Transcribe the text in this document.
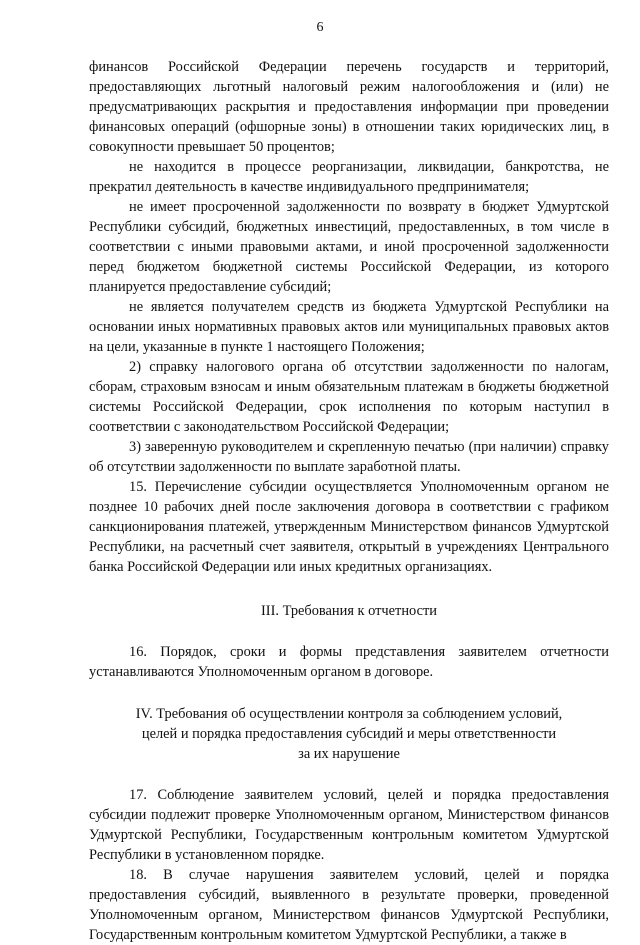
6

финансов Российской Федерации перечень государств и территорий, предоставляющих льготный налоговый режим налогообложения и (или) не предусматривающих раскрытия и предоставления информации при проведении финансовых операций (офшорные зоны) в отношении таких юридических лиц, в совокупности превышает 50 процентов;

не находится в процессе реорганизации, ликвидации, банкротства, не прекратил деятельность в качестве индивидуального предпринимателя;

не имеет просроченной задолженности по возврату в бюджет Удмуртской Республики субсидий, бюджетных инвестиций, предоставленных, в том числе в соответствии с иными правовыми актами, и иной просроченной задолженности перед бюджетом бюджетной системы Российской Федерации, из которого планируется предоставление субсидий;

не является получателем средств из бюджета Удмуртской Республики на основании иных нормативных правовых актов или муниципальных правовых актов на цели, указанные в пункте 1 настоящего Положения;

2) справку налогового органа об отсутствии задолженности по налогам, сборам, страховым взносам и иным обязательным платежам в бюджеты бюджетной системы Российской Федерации, срок исполнения по которым наступил в соответствии с законодательством Российской Федерации;

3) заверенную руководителем и скрепленную печатью (при наличии) справку об отсутствии задолженности по выплате заработной платы.

15. Перечисление субсидии осуществляется Уполномоченным органом не позднее 10 рабочих дней после заключения договора в соответствии с графиком санкционирования платежей, утвержденным Министерством финансов Удмуртской Республики, на расчетный счет заявителя, открытый в учреждениях Центрального банка Российской Федерации или иных кредитных организациях.

III. Требования к отчетности

16. Порядок, сроки и формы представления заявителем отчетности устанавливаются Уполномоченным органом в договоре.

IV. Требования об осуществлении контроля за соблюдением условий,

целей и порядка предоставления субсидий и меры ответственности

за их нарушение

17. Соблюдение заявителем условий, целей и порядка предоставления субсидии подлежит проверке Уполномоченным органом, Министерством финансов Удмуртской Республики, Государственным контрольным комитетом Удмуртской Республики в установленном порядке.

18. В случае нарушения заявителем условий, целей и порядка предоставления субсидий, выявленного в результате проверки, проведенной Уполномоченным органом, Министерством финансов Удмуртской Республики, Государственным контрольным комитетом Удмуртской Республики, а также в
